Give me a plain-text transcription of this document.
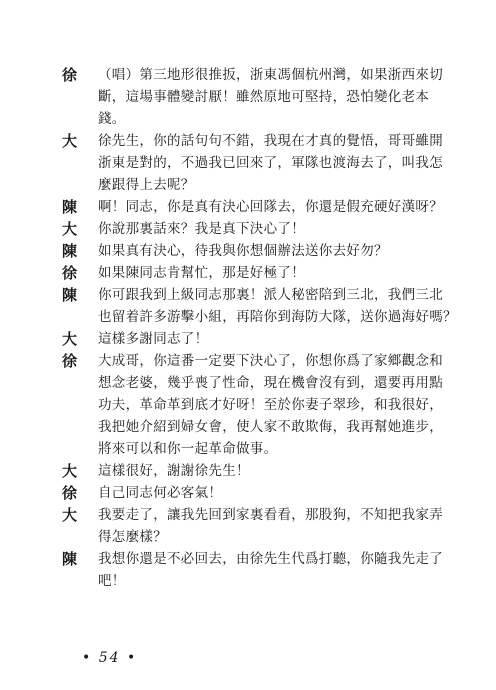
徐	（唱）第三地形很推扳，浙東馮個杭州灣，如果浙西來切
斷，這場事體變討厭！雖然原地可堅持，恐怕變化老本
錢。
大	徐先生，你的話句句不錯，我現在才真的覺悟，哥哥雖開
浙東是對的，不過我已回來了，軍隊也渡海去了，叫我怎
麼跟得上去呢？
陳	啊！同志，你是真有決心回隊去，你還是假充硬好漢呀？
大	你說那裏話來？我是真下決心了！
陳	如果真有決心，待我與你想個辦法送你去好勿？
徐	如果陳同志肯幫忙，那是好極了！
陳	你可跟我到上級同志那裏！派人秘密陪到三北，我們三北
也留着許多游擊小組，再陪你到海防大隊，送你過海好嗎？
大	這樣多謝同志了！
徐	大成哥，你這番一定要下決心了，你想你爲了家鄉觀念和
想念老婆，幾乎喪了性命，現在機會沒有到，還要再用點
功夫，革命革到底才好呀！至於你妻子翠珍，和我很好，
我把她介紹到婦女會，使人家不敢欺侮，我再幫她進步，
將來可以和你一起革命做事。
大	這樣很好，謝謝徐先生！
徐	自己同志何必客氣！
大	我要走了，讓我先回到家裏看看，那股狗，不知把我家弄
得怎麼樣？
陳	我想你還是不必回去，由徐先生代爲打聽，你隨我先走了
吧！
• 54 •
